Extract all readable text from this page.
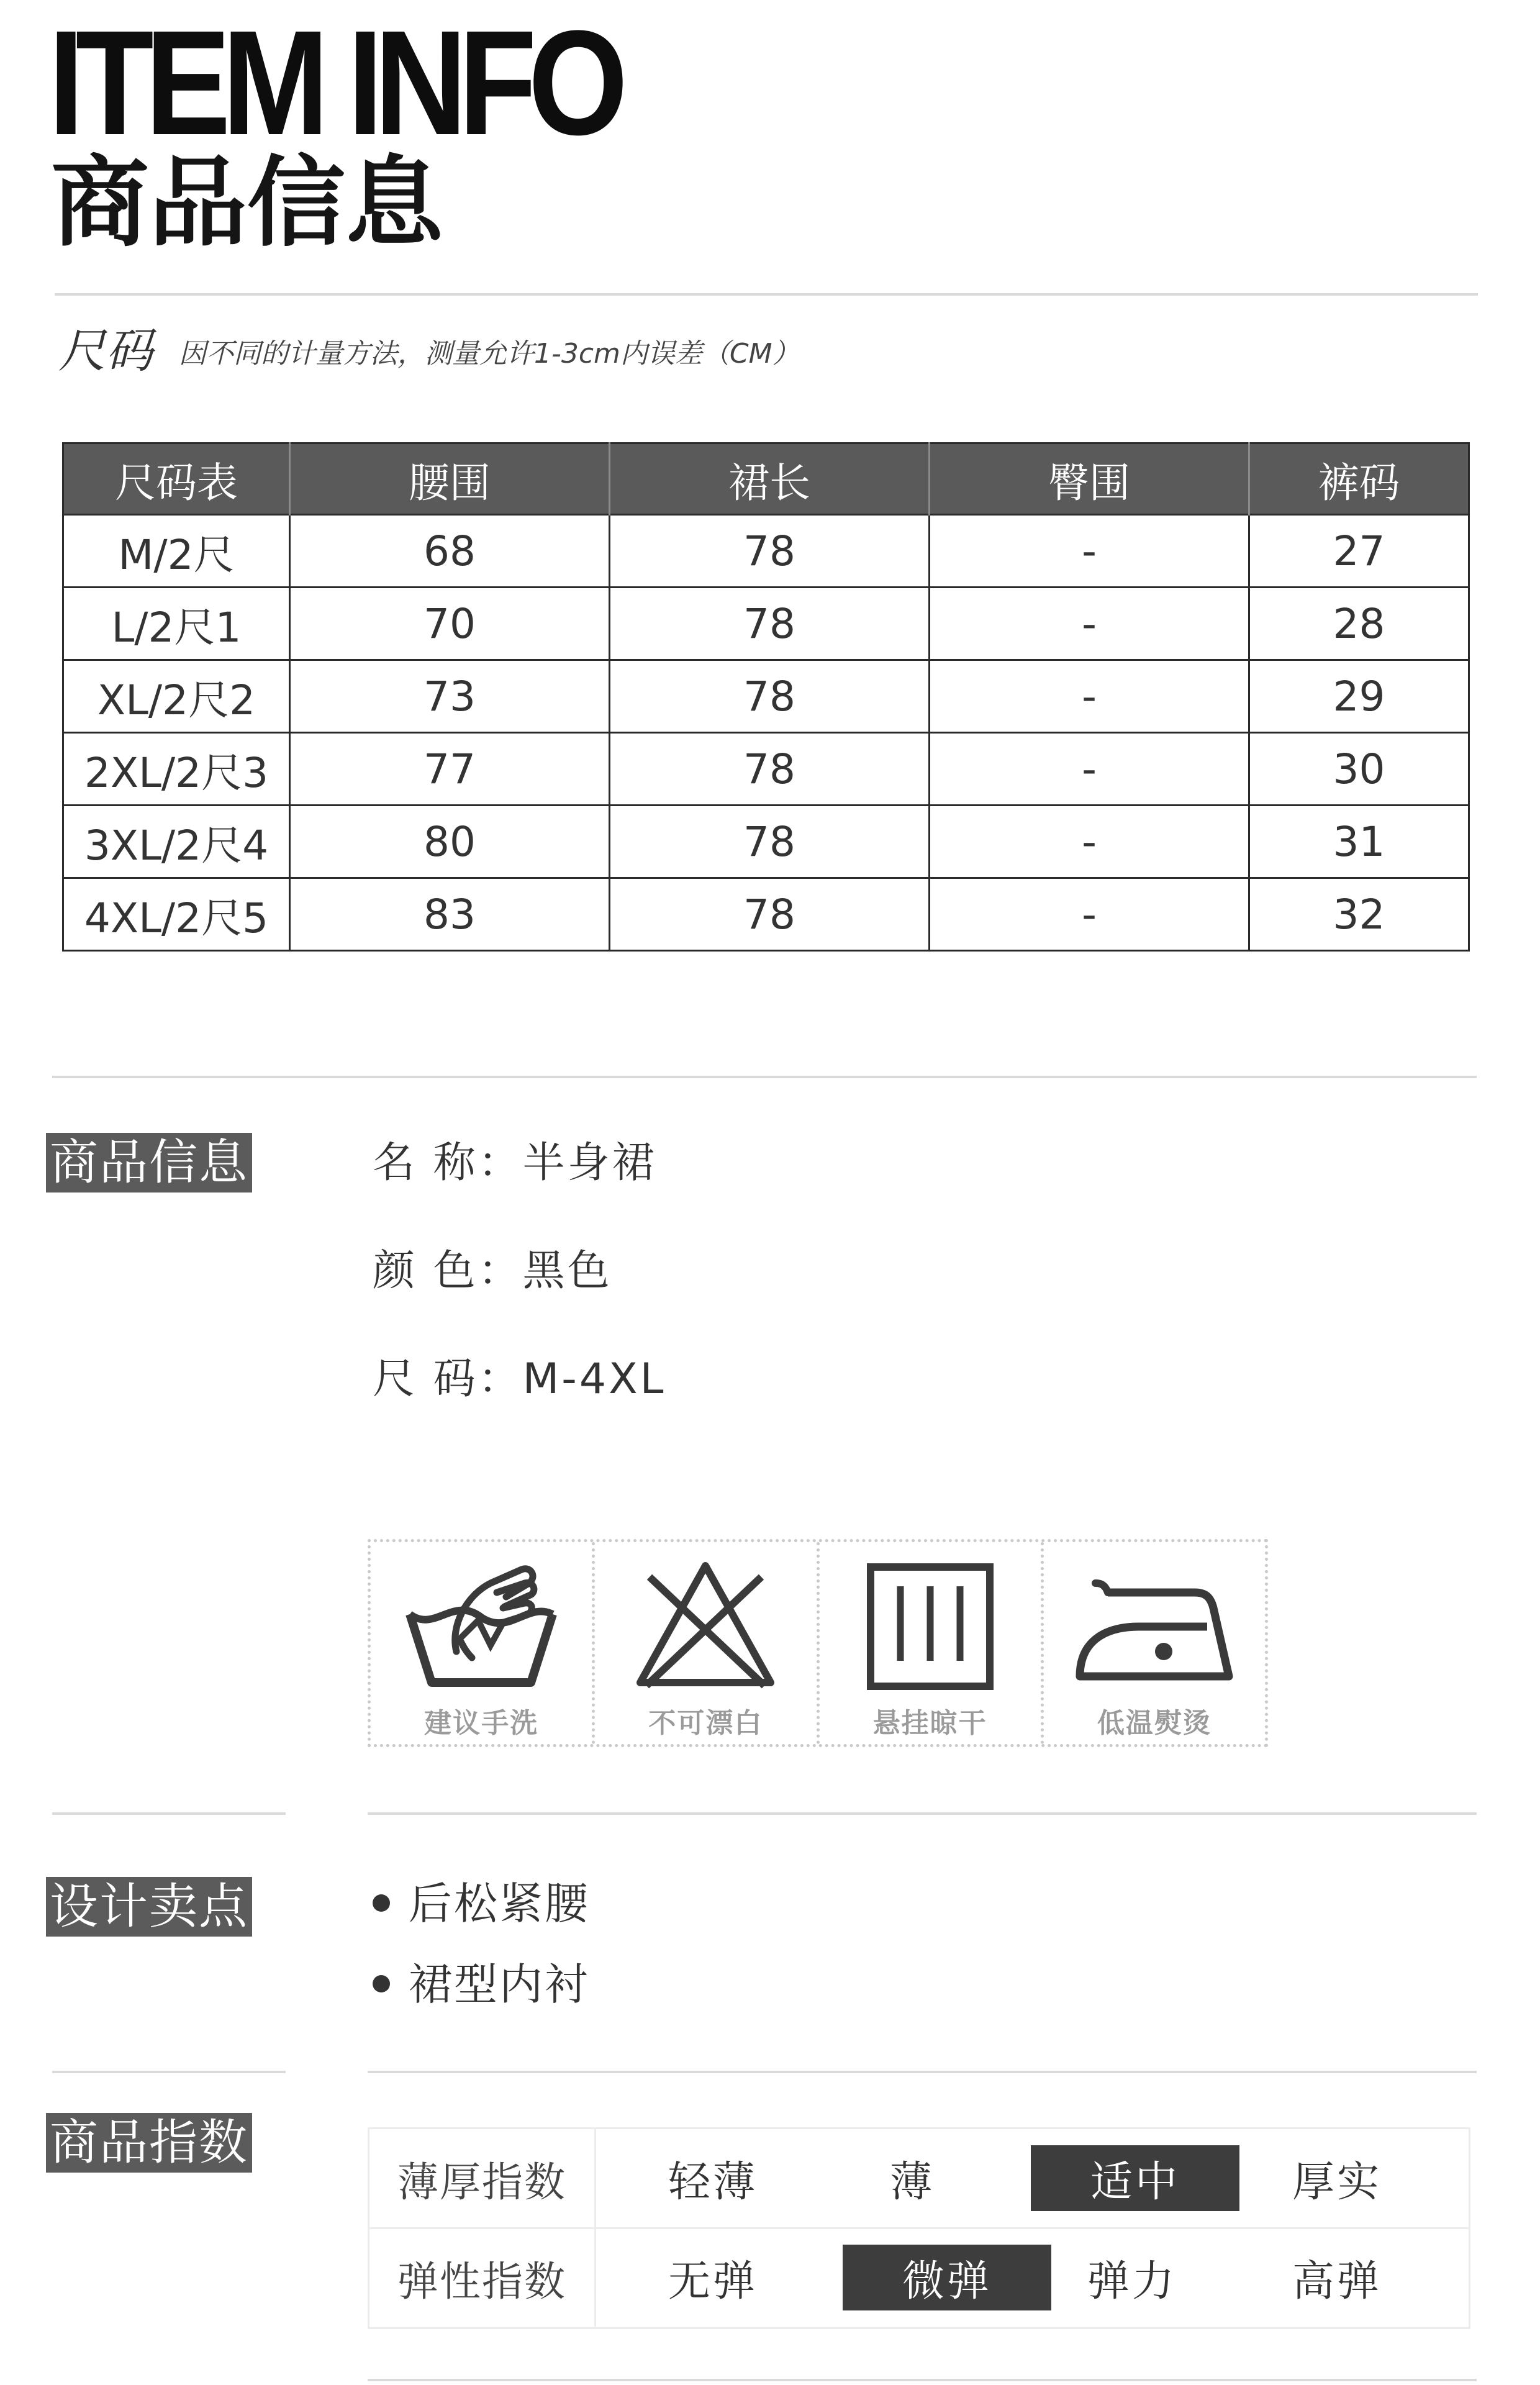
ITEM INFO
商品信息
尺码 因不同的计量方法，测量允许1-3cm内误差（CM）
尺码表	腰围	裙长	臀围	裤码
M/2尺	68	78	-	27
L/2尺1	70	78	-	28
XL/2尺2	73	78	-	29
2XL/2尺3	77	78	-	30
3XL/2尺4	80	78	-	31
4XL/2尺5	83	78	-	32
商品信息	名 称：半身裙
颜 色：黑色
尺 码：M-4XL
建议手洗	不可漂白	悬挂晾干	低温熨烫
设计卖点	后松紧腰
裙型内衬
商品指数
薄厚指数	轻薄	薄	适中	厚实
弹性指数	无弹	微弹	弹力	高弹
